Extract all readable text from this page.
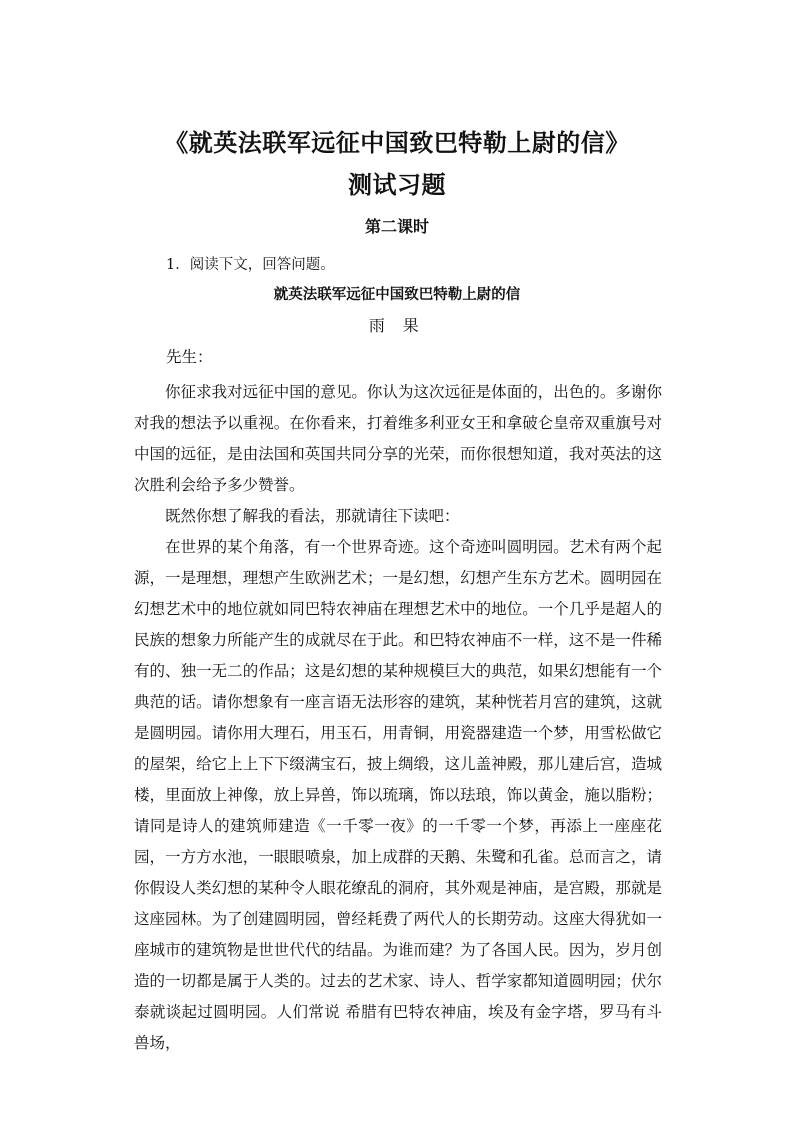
《就英法联军远征中国致巴特勒上尉的信》
测试习题
第二课时
1．阅读下文，回答问题。
就英法联军远征中国致巴特勒上尉的信
雨 果
先生：

你征求我对远征中国的意见。你认为这次远征是体面的，出色的。多谢你对我的想法予以重视。在你看来，打着维多利亚女王和拿破仑皇帝双重旗号对中国的远征，是由法国和英国共同分享的光荣，而你很想知道，我对英法的这次胜利会给予多少赞誉。

既然你想了解我的看法，那就请往下读吧：

在世界的某个角落，有一个世界奇迹。这个奇迹叫圆明园。艺术有两个起源，一是理想，理想产生欧洲艺术；一是幻想，幻想产生东方艺术。圆明园在幻想艺术中的地位就如同巴特农神庙在理想艺术中的地位。一个几乎是超人的民族的想象力所能产生的成就尽在于此。和巴特农神庙不一样，这不是一件稀有的、独一无二的作品；这是幻想的某种规模巨大的典范，如果幻想能有一个典范的话。请你想象有一座言语无法形容的建筑，某种恍若月宫的建筑，这就是圆明园。请你用大理石，用玉石，用青铜，用瓷器建造一个梦，用雪松做它的屋架，给它上上下下缀满宝石，披上绸缎，这儿盖神殿，那儿建后宫，造城楼，里面放上神像，放上异兽，饰以琉璃，饰以珐琅，饰以黄金，施以脂粉；请同是诗人的建筑师建造《一千零一夜》的一千零一个梦，再添上一座座花园，一方方水池，一眼眼喷泉，加上成群的天鹅、朱鹭和孔雀。总而言之，请你假设人类幻想的某种令人眼花缭乱的洞府，其外观是神庙，是宫殿，那就是这座园林。为了创建圆明园，曾经耗费了两代人的长期劳动。这座大得犹如一座城市的建筑物是世世代代的结晶。为谁而建？为了各国人民。因为，岁月创造的一切都是属于人类的。过去的艺术家、诗人、哲学家都知道圆明园；伏尔泰就谈起过圆明园。人们常说 希腊有巴特农神庙，埃及有金字塔，罗马有斗兽场，
